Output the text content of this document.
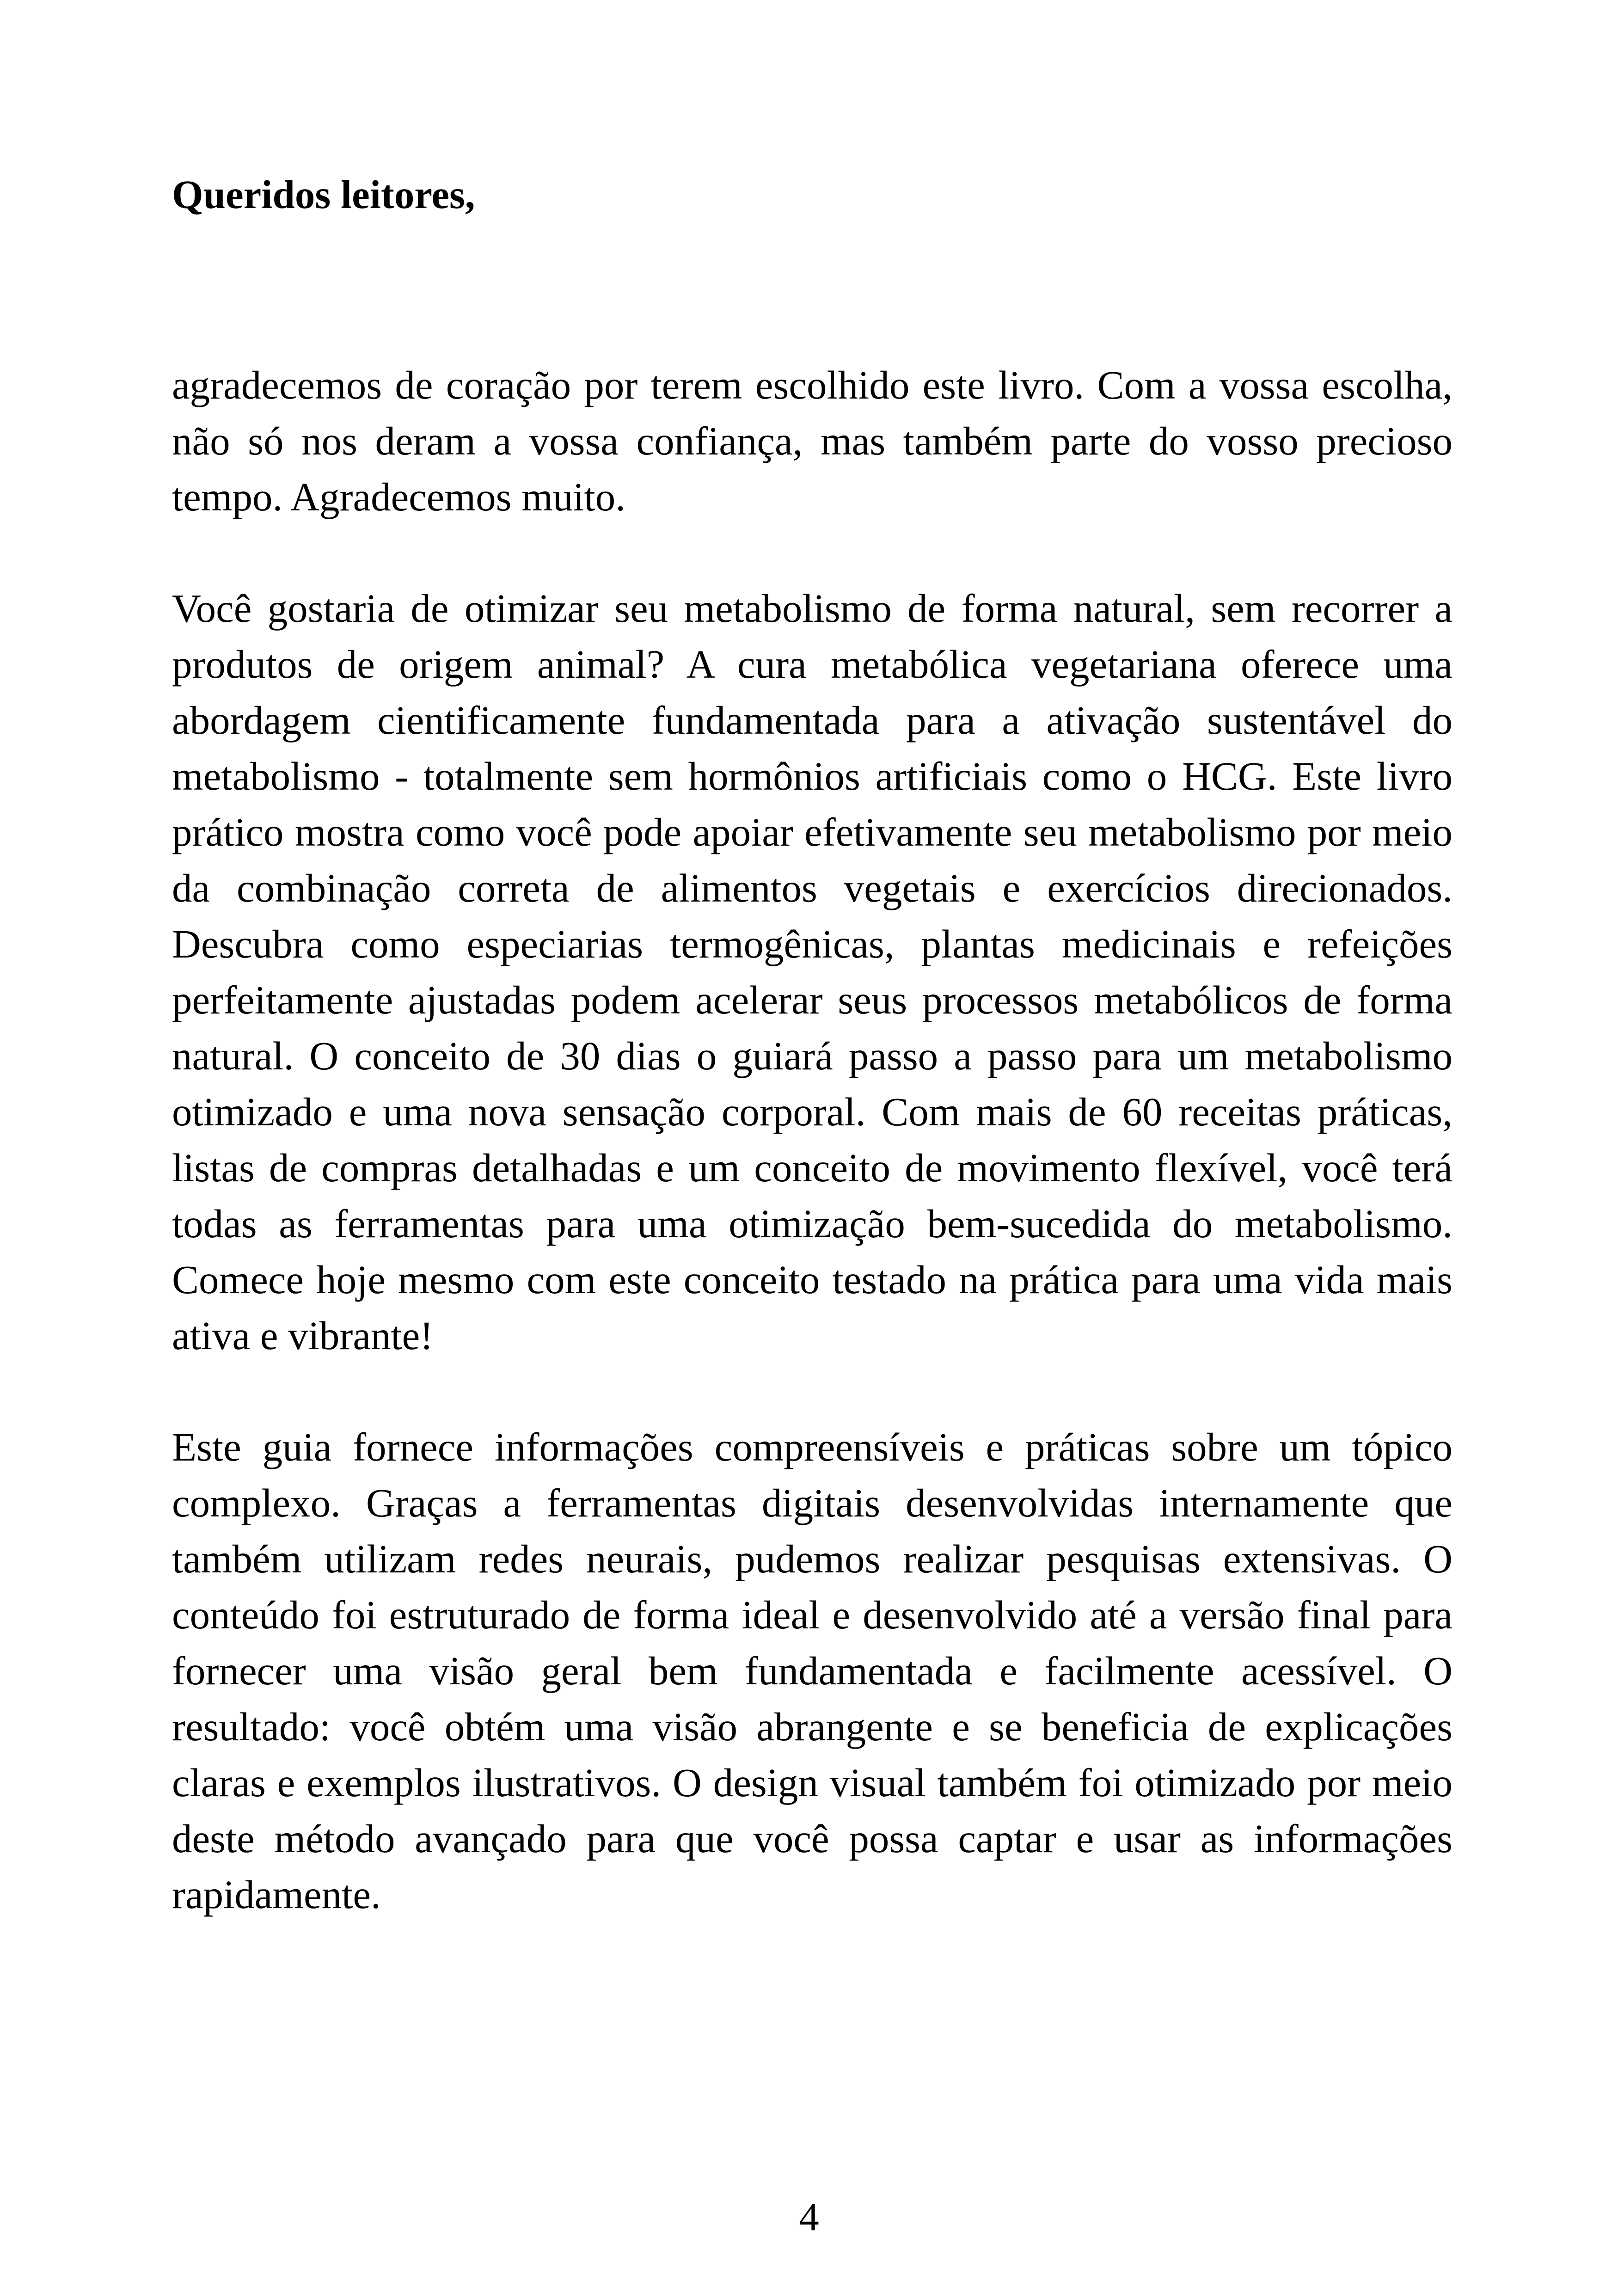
Queridos leitores,

agradecemos de coração por terem escolhido este livro. Com a vossa escolha, não só nos deram a vossa confiança, mas também parte do vosso precioso tempo. Agradecemos muito.

Você gostaria de otimizar seu metabolismo de forma natural, sem recorrer a produtos de origem animal? A cura metabólica vegetariana oferece uma abordagem cientificamente fundamentada para a ativação sustentável do metabolismo - totalmente sem hormônios artificiais como o HCG. Este livro prático mostra como você pode apoiar efetivamente seu metabolismo por meio da combinação correta de alimentos vegetais e exercícios direcionados. Descubra como especiarias termogênicas, plantas medicinais e refeições perfeitamente ajustadas podem acelerar seus processos metabólicos de forma natural. O conceito de 30 dias o guiará passo a passo para um metabolismo otimizado e uma nova sensação corporal. Com mais de 60 receitas práticas, listas de compras detalhadas e um conceito de movimento flexível, você terá todas as ferramentas para uma otimização bem-sucedida do metabolismo. Comece hoje mesmo com este conceito testado na prática para uma vida mais ativa e vibrante!

Este guia fornece informações compreensíveis e práticas sobre um tópico complexo. Graças a ferramentas digitais desenvolvidas internamente que também utilizam redes neurais, pudemos realizar pesquisas extensivas. O conteúdo foi estruturado de forma ideal e desenvolvido até a versão final para fornecer uma visão geral bem fundamentada e facilmente acessível. O resultado: você obtém uma visão abrangente e se beneficia de explicações claras e exemplos ilustrativos. O design visual também foi otimizado por meio deste método avançado para que você possa captar e usar as informações rapidamente.

4
